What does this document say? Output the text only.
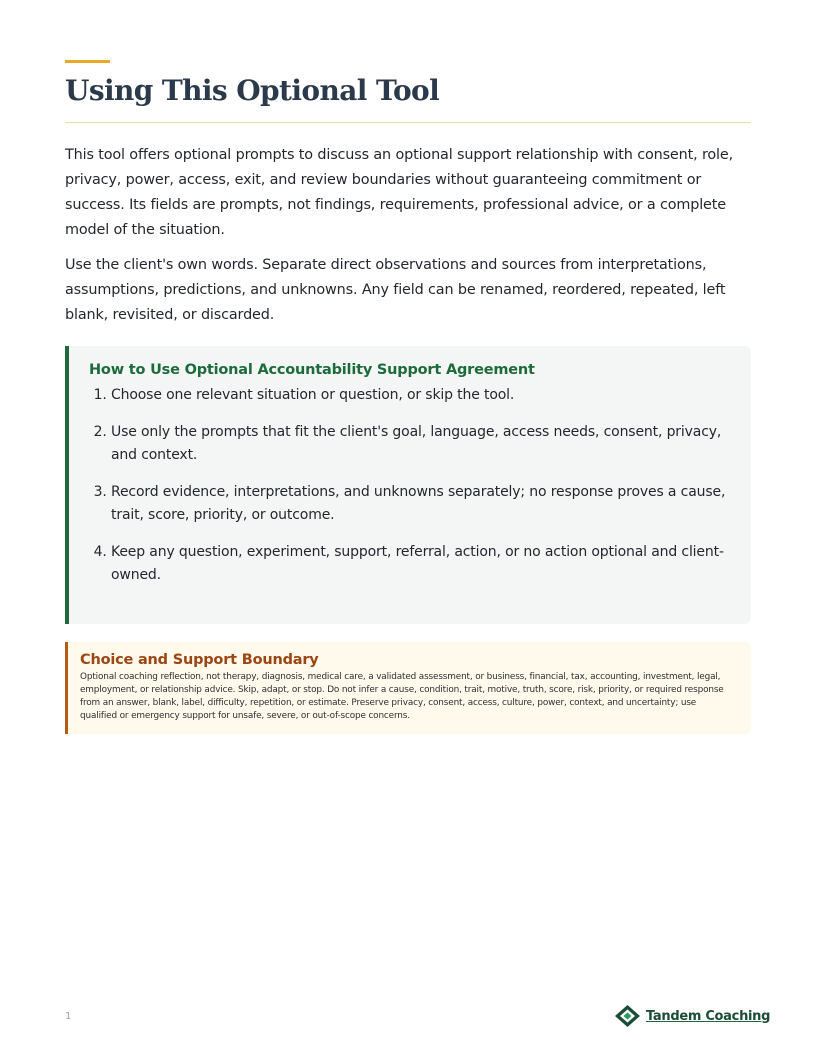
Using This Optional Tool

This tool offers optional prompts to discuss an optional support relationship with consent, role, privacy, power, access, exit, and review boundaries without guaranteeing commitment or success. Its fields are prompts, not findings, requirements, professional advice, or a complete model of the situation.

Use the client's own words. Separate direct observations and sources from interpretations, assumptions, predictions, and unknowns. Any field can be renamed, reordered, repeated, left blank, revisited, or discarded.

How to Use Optional Accountability Support Agreement
1. Choose one relevant situation or question, or skip the tool.
2. Use only the prompts that fit the client's goal, language, access needs, consent, privacy, and context.
3. Record evidence, interpretations, and unknowns separately; no response proves a cause, trait, score, priority, or outcome.
4. Keep any question, experiment, support, referral, action, or no action optional and client-owned.
Choice and Support Boundary

Optional coaching reflection, not therapy, diagnosis, medical care, a validated assessment, or business, financial, tax, accounting, investment, legal, employment, or relationship advice. Skip, adapt, or stop. Do not infer a cause, condition, trait, motive, truth, score, risk, priority, or required response from an answer, blank, label, difficulty, repetition, or estimate. Preserve privacy, consent, access, culture, power, context, and uncertainty; use qualified or emergency support for unsafe, severe, or out-of-scope concerns.

1	Tandem Coaching
